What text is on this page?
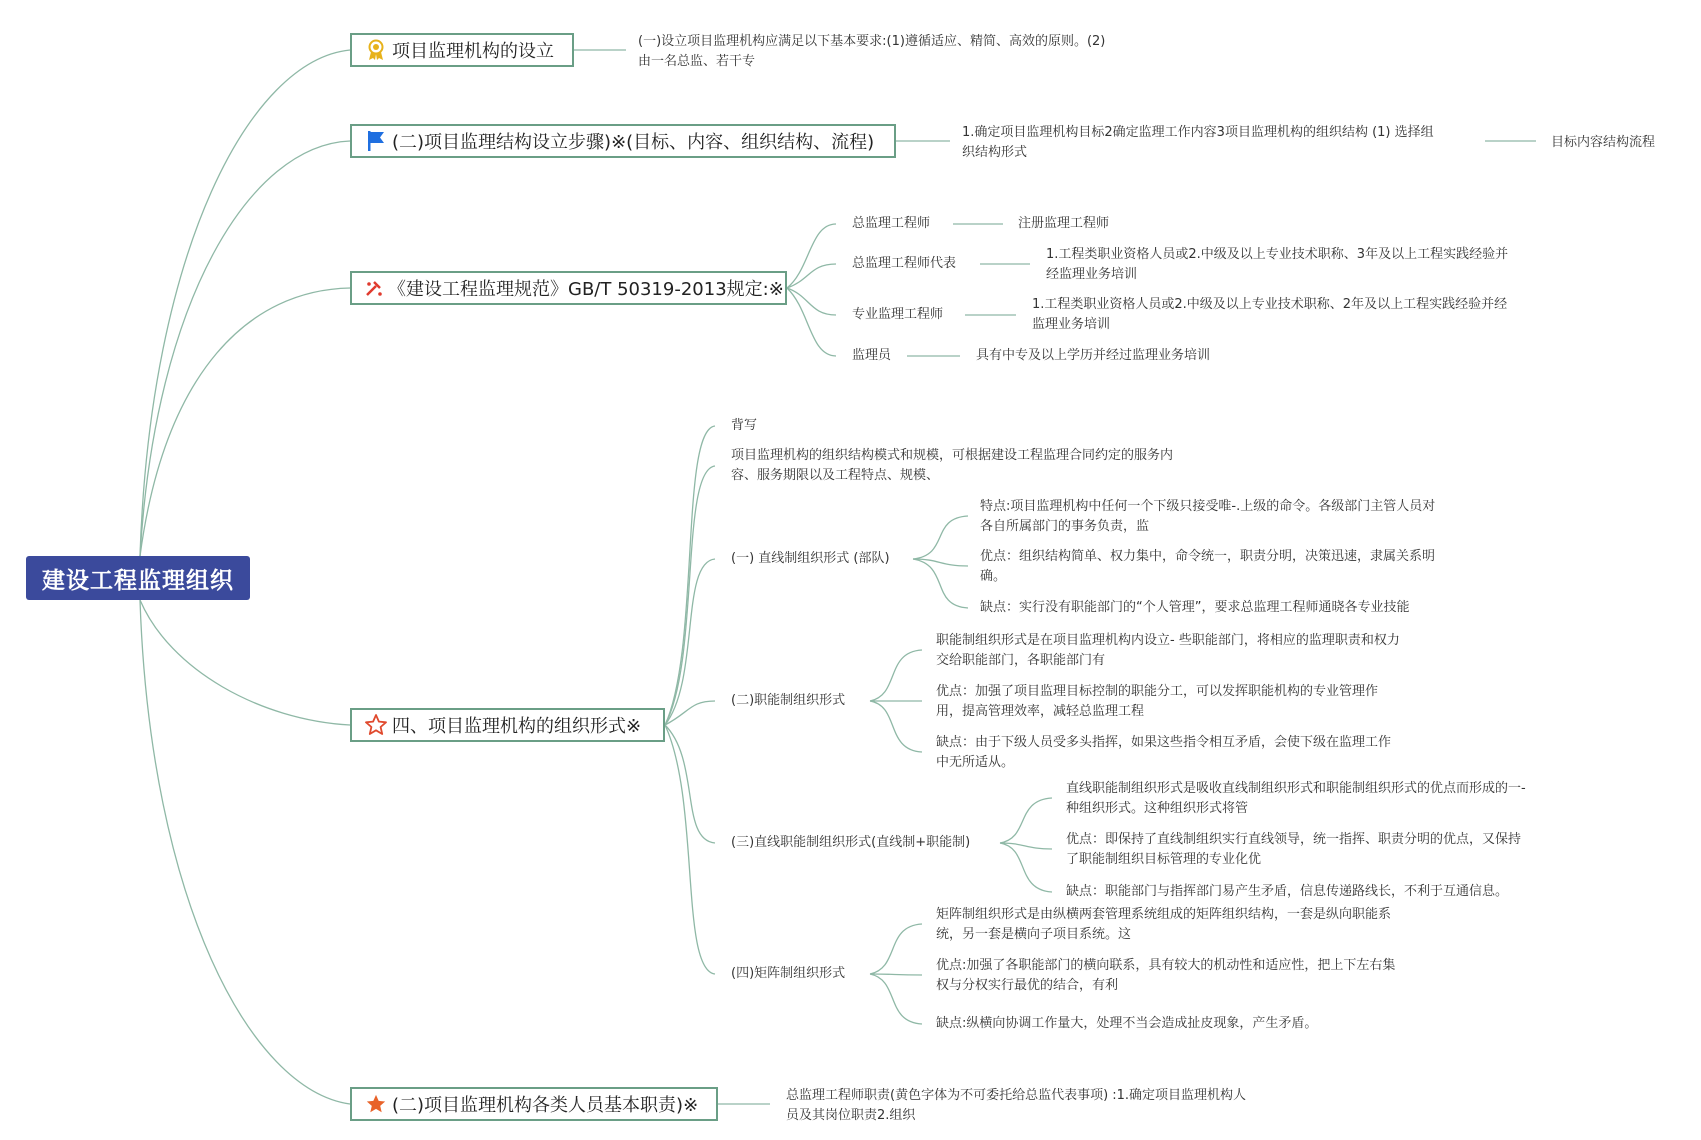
建设工程监理组织
项目监理机构的设立	(一)设立项目监理机构应满足以下基本要求:(1)遵循适应、精简、高效的原则。(2)
由一名总监、若干专
(二)项目监理结构设立步骤)※(目标、内容、组织结构、流程)	1.确定项目监理机构目标2确定监理工作内容3项目监理机构的组织结构 (1) 选择组
织结构形式
目标内容结构流程
《建设工程监理规范》GB/T 50319-2013规定:※
总监理工程师	注册监理工程师
总监理工程师代表
1.工程类职业资格人员或2.中级及以上专业技术职称、3年及以上工程实践经验并
经监理业务培训
专业监理工程师
1.工程类职业资格人员或2.中级及以上专业技术职称、2年及以上工程实践经验并经
监理业务培训
监理员	具有中专及以上学历并经过监理业务培训
四、项目监理机构的组织形式※
背写
项目监理机构的组织结构模式和规模，可根据建设工程监理合同约定的服务内
容、服务期限以及工程特点、规模、
(一) 直线制组织形式 (部队)
特点:项目监理机构中任何一个下级只接受唯-.上级的命令。各级部门主管人员对
各自所属部门的事务负责，监
优点：组织结构简单、权力集中，命令统一，职责分明，决策迅速，隶属关系明
确。
缺点：实行没有职能部门的“个人管理”，要求总监理工程师通晓各专业技能
(二)职能制组织形式
职能制组织形式是在项目监理机构内设立- 些职能部门，将相应的监理职责和权力
交给职能部门，各职能部门有
优点：加强了项目监理目标控制的职能分工，可以发挥职能机构的专业管理作
用，提高管理效率，减轻总监理工程
缺点：由于下级人员受多头指挥，如果这些指令相互矛盾，会使下级在监理工作
中无所适从。
(三)直线职能制组织形式(直线制+职能制)
直线职能制组织形式是吸收直线制组织形式和职能制组织形式的优点而形成的一-
种组织形式。这种组织形式将管
优点：即保持了直线制组织实行直线领导，统一指挥、职责分明的优点，又保持
了职能制组织目标管理的专业化优
缺点：职能部门与指挥部门易产生矛盾，信息传递路线长，不利于互通信息。
(四)矩阵制组织形式
矩阵制组织形式是由纵横两套管理系统组成的矩阵组织结构，一套是纵向职能系
统，另一套是横向子项目系统。这
优点:加强了各职能部门的横向联系，具有较大的机动性和适应性，把上下左右集
权与分权实行最优的结合，有利
缺点:纵横向协调工作量大，处理不当会造成扯皮现象，产生矛盾。
(二)项目监理机构各类人员基本职责)※	总监理工程师职责(黄色字体为不可委托给总监代表事项) :1.确定项目监理机构人
员及其岗位职责2.组织
